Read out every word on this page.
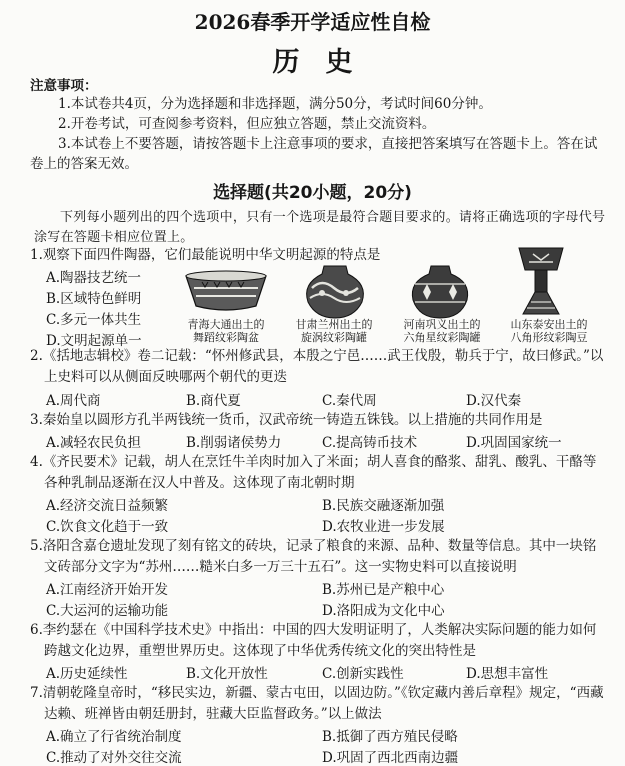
2026春季开学适应性自检
历史
注意事项：
1.本试卷共4页，分为选择题和非选择题，满分50分，考试时间60分钟。
2.开卷考试，可查阅参考资料，但应独立答题，禁止交流资料。
3.本试卷上不要答题，请按答题卡上注意事项的要求，直接把答案填写在答题卡上。答在试卷上的答案无效。
选择题(共20小题，20分)
下列每小题列出的四个选项中，只有一个选项是最符合题目要求的。请将正确选项的字母代号涂写在答题卡相应位置上。
1.观察下面四件陶器，它们最能说明中华文明起源的特点是
A.陶器技艺统一
B.区域特色鲜明
C.多元一体共生
D.文明起源单一
青海大通出土的
舞蹈纹彩陶盆
甘肃兰州出土的
旋涡纹彩陶罐
河南巩义出土的
六角星纹彩陶罐
山东泰安出土的
八角形纹彩陶豆
2.《括地志辑校》卷二记载：“怀州修武县，本殷之宁邑……武王伐殷，勒兵于宁，故曰修武。”以上史料可以从侧面反映哪两个朝代的更迭
A.周代商	B.商代夏	C.秦代周	D.汉代秦
3.秦始皇以圆形方孔半两钱统一货币，汉武帝统一铸造五铢钱。以上措施的共同作用是
A.减轻农民负担	B.削弱诸侯势力	C.提高铸币技术	D.巩固国家统一
4.《齐民要术》记载，胡人在烹饪牛羊肉时加入了米面；胡人喜食的酪浆、甜乳、酸乳、干酪等各种乳制品逐渐在汉人中普及。这体现了南北朝时期
A.经济交流日益频繁	B.民族交融逐渐加强
C.饮食文化趋于一致	D.农牧业进一步发展
5.洛阳含嘉仓遗址发现了刻有铭文的砖块，记录了粮食的来源、品种、数量等信息。其中一块铭文砖部分文字为“苏州……糙米白多一万三十五石”。这一实物史料可以直接说明
A.江南经济开始开发	B.苏州已是产粮中心
C.大运河的运输功能	D.洛阳成为文化中心
6.李约瑟在《中国科学技术史》中指出：中国的四大发明证明了，人类解决实际问题的能力如何跨越文化边界，重塑世界历史。这体现了中华优秀传统文化的突出特性是
A.历史延续性	B.文化开放性	C.创新实践性	D.思想丰富性
7.清朝乾隆皇帝时，“移民实边，新疆、蒙古屯田，以固边防。”《钦定藏内善后章程》规定，“西藏达赖、班禅皆由朝廷册封，驻藏大臣监督政务。”以上做法
A.确立了行省统治制度	B.抵御了西方殖民侵略
C.推动了对外交往交流	D.巩固了西北西南边疆
